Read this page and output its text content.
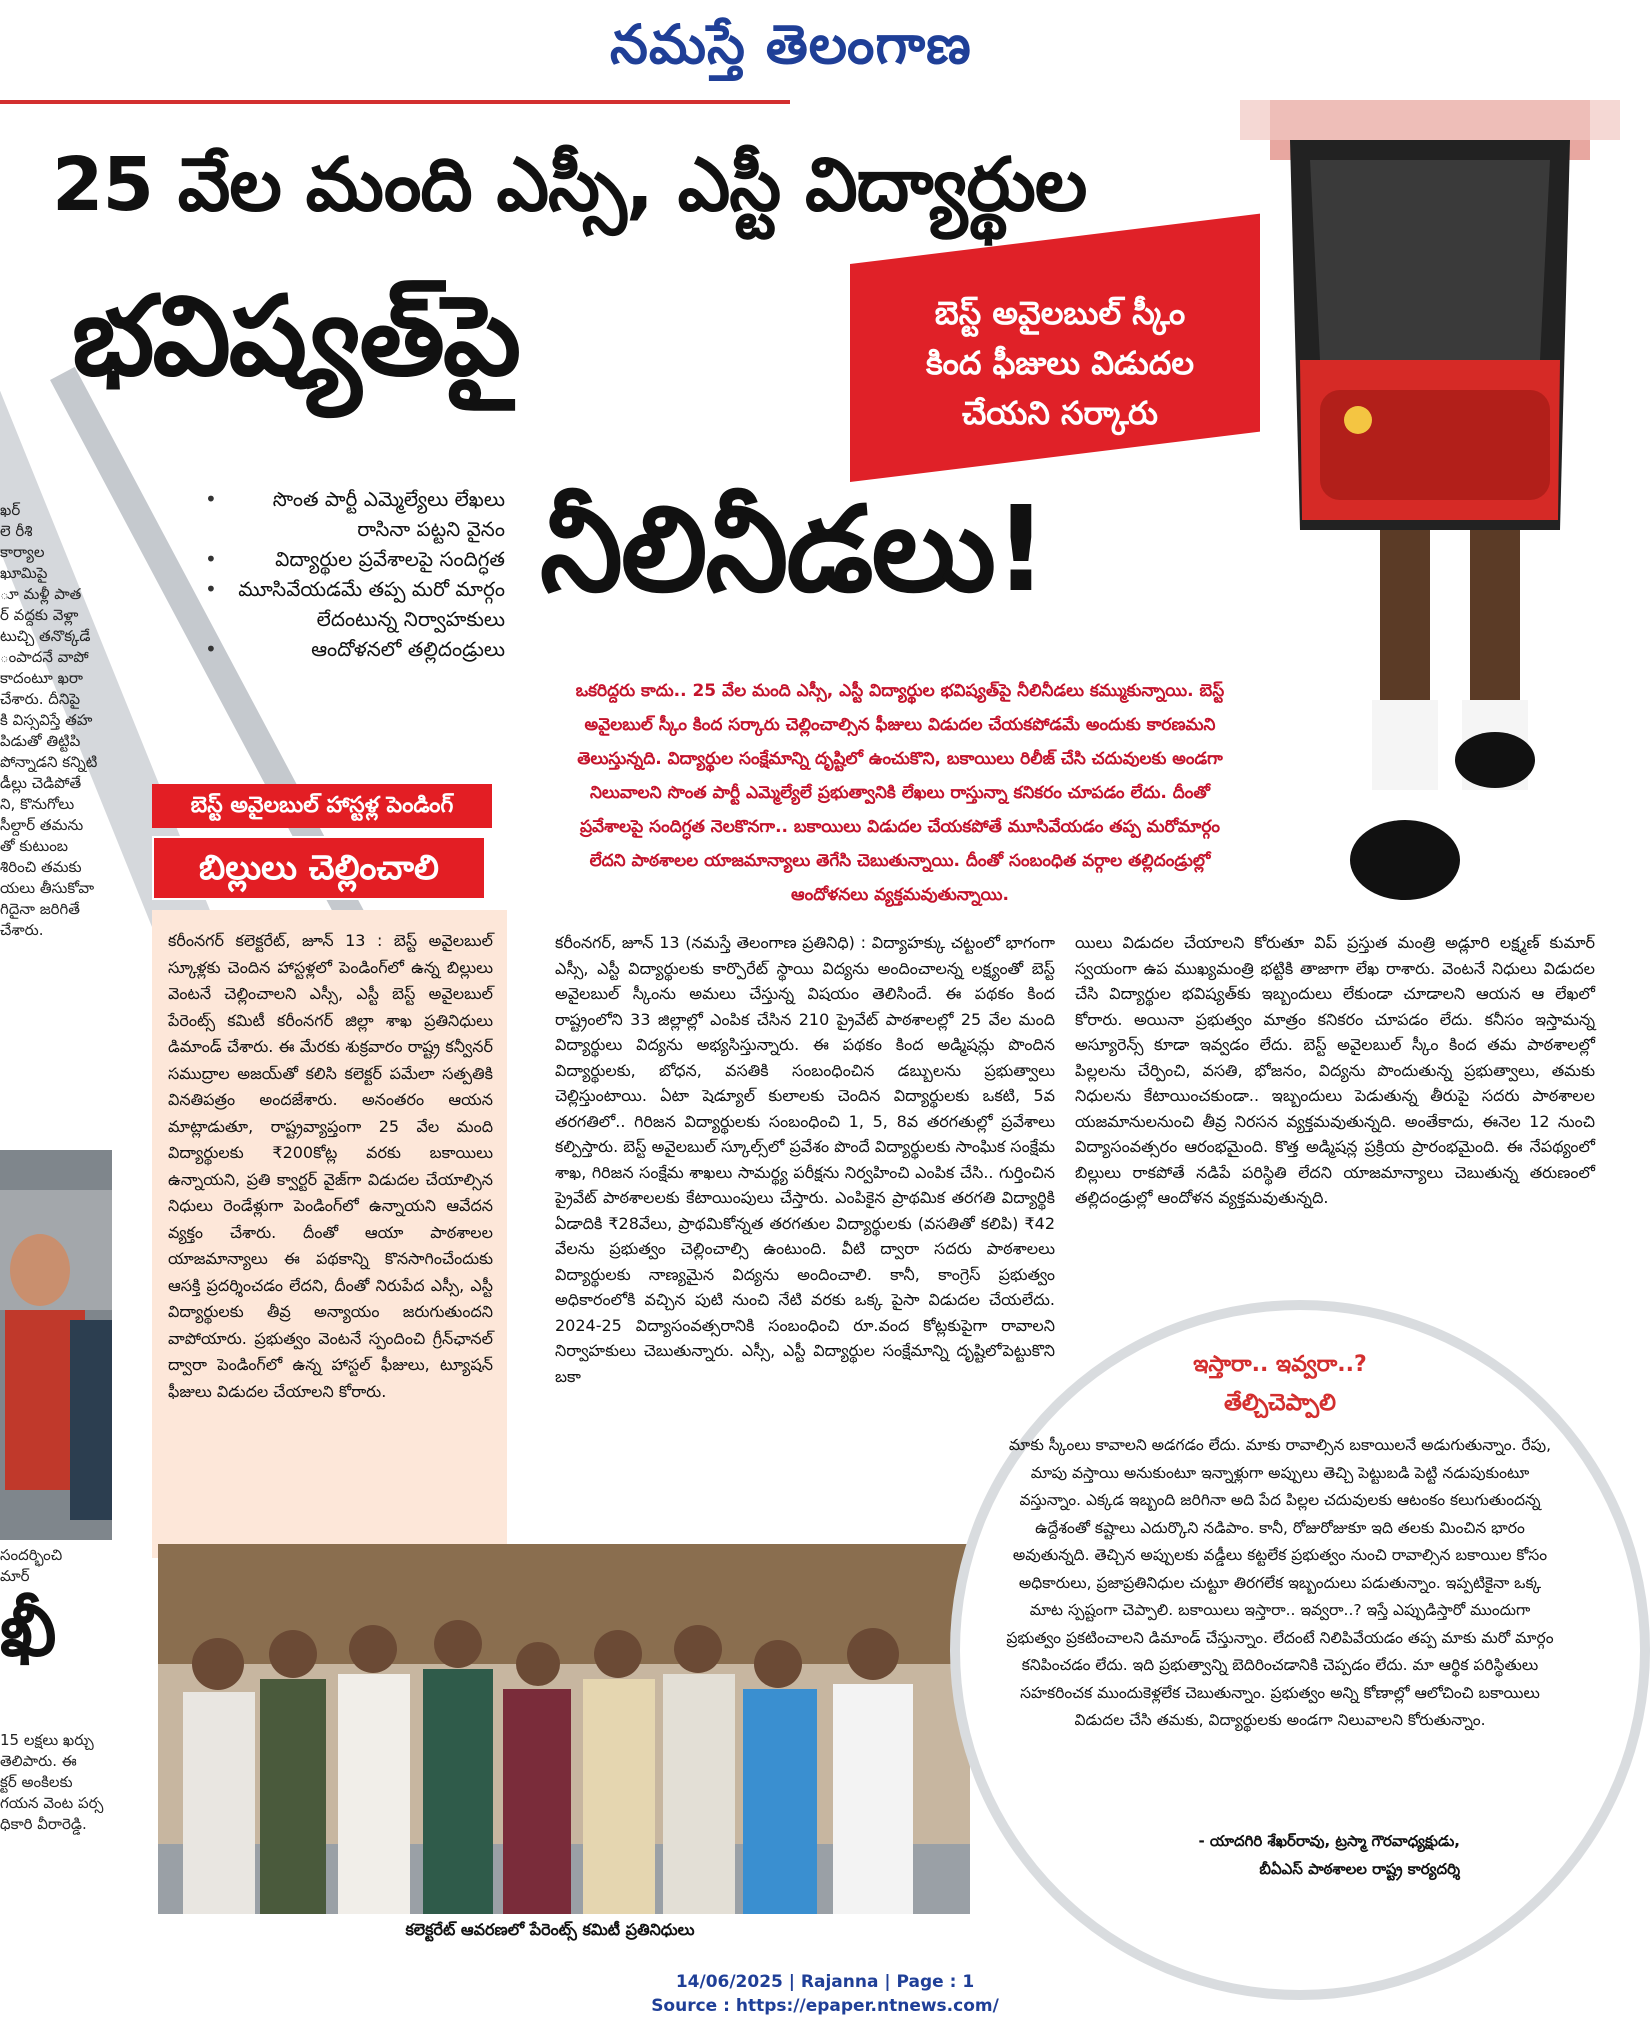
నమస్తే తెలంగాణ
ఖర్
లె రీశి
కార్యాల
ఖూమిపై
ూ మళ్లీ పాత
ర్ వద్దకు వెళ్లా
టుచ్చి తనొక్కడే
ంపాదనే వాపో
కాదంటూ ఖరా
చేశారు. దీనిపై
కి విస్సవిస్తే తహ
పిడుతో తిట్టిపి
పోన్నాడని కన్నిటి
డీల్లు చెడిపోతే
ని, కొనుగోలు
సీల్దార్ తమను
తో కుటుంబ
శిరించి తమకు
యలు తీసుకోవా
గిదైనా జరిగితే
చేశారు.
సందర్భించి
మార్
ఖీ
15 లక్షలు ఖర్చు
తెలిపారు. ఈ
క్టర్ అంకిలకు
గయన వెంట పర్స
ధికారి వీరారెడ్డి.
25 వేల మంది ఎస్సీ, ఎస్టీ విద్యార్థుల
భవిష్యత్‌పై
నీలినీడలు!
• సొంత పార్టీ ఎమ్మెల్యేలు లేఖలు రాసినా పట్టని వైనం
• విద్యార్థుల ప్రవేశాలపై సందిగ్ధత
• మూసివేయడమే తప్ప మరో మార్గం లేదంటున్న నిర్వాహకులు
• ఆందోళనలో తల్లిదండ్రులు
బెస్ట్ అవైలబుల్ స్కీం
కింద ఫీజులు విడుదల
చేయని సర్కారు
ఒకరిద్దరు కాదు.. 25 వేల మంది ఎస్సీ, ఎస్టీ విద్యార్థుల భవిష్యత్‌పై నీలినీడలు కమ్ముకున్నాయి. బెస్ట్ అవైలబుల్ స్కీం కింద సర్కారు చెల్లించాల్సిన ఫీజులు విడుదల చేయకపోడమే అందుకు కారణమని తెలుస్తున్నది. విద్యార్థుల సంక్షేమాన్ని దృష్టిలో ఉంచుకొని, బకాయిలు రిలీజ్ చేసి చదువులకు అండగా నిలువాలని సొంత పార్టీ ఎమ్మెల్యేలే ప్రభుత్వానికి లేఖలు రాస్తున్నా కనికరం చూపడం లేదు. దీంతో ప్రవేశాలపై సందిగ్ధత నెలకొనగా.. బకాయిలు విడుదల చేయకపోతే మూసివేయడం తప్ప మరోమార్గం లేదని పాఠశాలల యాజమాన్యాలు తెగేసి చెబుతున్నాయి. దీంతో సంబంధిత వర్గాల తల్లిదండ్రుల్లో ఆందోళనలు వ్యక్తమవుతున్నాయి.
బెస్ట్ అవైలబుల్ హాస్టళ్ల పెండింగ్
బిల్లులు చెల్లించాలి
కరీంనగర్ కలెక్టరేట్, జూన్ 13 : బెస్ట్ అవైలబుల్ స్కూళ్లకు చెందిన హాస్టళ్లలో పెండింగ్‌లో ఉన్న బిల్లులు వెంటనే చెల్లించాలని ఎస్సీ, ఎస్టీ బెస్ట్ అవైలబుల్ పేరెంట్స్ కమిటీ కరీంనగర్ జిల్లా శాఖ ప్రతినిధులు డిమాండ్ చేశారు. ఈ మేరకు శుక్రవారం రాష్ట్ర కన్వీనర్ సముద్రాల అజయ్‌తో కలిసి కలెక్టర్ పమేలా సత్పతికి వినతిపత్రం అందజేశారు. అనంతరం ఆయన మాట్లాడుతూ, రాష్ట్రవ్యాప్తంగా 25 వేల మంది విద్యార్థులకు ₹200కోట్ల వరకు బకాయిలు ఉన్నాయని, ప్రతి క్వార్టర్ వైజ్‌గా విడుదల చేయాల్సిన నిధులు రెండేళ్లుగా పెండింగ్‌లో ఉన్నాయని ఆవేదన వ్యక్తం చేశారు. దీంతో ఆయా పాఠశాలల యాజమాన్యాలు ఈ పథకాన్ని కొనసాగించేందుకు ఆసక్తి ప్రదర్శించడం లేదని, దీంతో నిరుపేద ఎస్సీ, ఎస్టీ విద్యార్థులకు తీవ్ర అన్యాయం జరుగుతుందని వాపోయారు. ప్రభుత్వం వెంటనే స్పందించి గ్రీన్‌ఛానల్ ద్వారా పెండింగ్‌లో ఉన్న హాస్టల్ ఫీజులు, ట్యూషన్ ఫీజులు విడుదల చేయాలని కోరారు.
కరీంనగర్, జూన్ 13 (నమస్తే తెలంగాణ ప్రతినిధి) : విద్యాహక్కు చట్టంలో భాగంగా ఎస్సీ, ఎస్టీ విద్యార్థులకు కార్పొరేట్ స్థాయి విద్యను అందించాలన్న లక్ష్యంతో బెస్ట్ అవైలబుల్ స్కీంను అమలు చేస్తున్న విషయం తెలిసిందే. ఈ పథకం కింద రాష్ట్రంలోని 33 జిల్లాల్లో ఎంపిక చేసిన 210 ప్రైవేట్ పాఠశాలల్లో 25 వేల మంది విద్యార్థులు విద్యను అభ్యసిస్తున్నారు. ఈ పథకం కింద అడ్మిషన్లు పొందిన విద్యార్థులకు, బోధన, వసతికి సంబంధించిన డబ్బులను ప్రభుత్వాలు చెల్లిస్తుంటాయి. ఏటా షెడ్యూల్ కులాలకు చెందిన విద్యార్థులకు ఒకటి, 5వ తరగతిలో.. గిరిజన విద్యార్థులకు సంబంధించి 1, 5, 8వ తరగతుల్లో ప్రవేశాలు కల్పిస్తారు. బెస్ట్ అవైలబుల్ స్కూల్స్‌లో ప్రవేశం పొందే విద్యార్థులకు సాంఘిక సంక్షేమ శాఖ, గిరిజన సంక్షేమ శాఖలు సామర్థ్య పరీక్షను నిర్వహించి ఎంపిక చేసి.. గుర్తించిన ప్రైవేట్ పాఠశాలలకు కేటాయింపులు చేస్తారు. ఎంపికైన ప్రాథమిక తరగతి విద్యార్థికి ఏడాదికి ₹28వేలు, ప్రాథమికోన్నత తరగతుల విద్యార్థులకు (వసతితో కలిపి) ₹42 వేలను ప్రభుత్వం చెల్లించాల్సి ఉంటుంది. వీటి ద్వారా సదరు పాఠశాలలు విద్యార్థులకు నాణ్యమైన విద్యను అందించాలి. కానీ, కాంగ్రెస్ ప్రభుత్వం అధికారంలోకి వచ్చిన పుటి నుంచి నేటి వరకు ఒక్క పైసా విడుదల చేయలేదు. 2024-25 విద్యాసంవత్సరానికి సంబంధించి రూ.వంద కోట్లకుపైగా రావాలని నిర్వాహకులు చెబుతున్నారు. ఎస్సీ, ఎస్టీ విద్యార్థుల సంక్షేమాన్ని దృష్టిలోపెట్టుకొని బకా
యిలు విడుదల చేయాలని కోరుతూ విప్ ప్రస్తుత మంత్రి అడ్లూరి లక్ష్మణ్ కుమార్ స్వయంగా ఉప ముఖ్యమంత్రి భట్టికి తాజాగా లేఖ రాశారు. వెంటనే నిధులు విడుదల చేసి విద్యార్థుల భవిష్యత్‌కు ఇబ్బందులు లేకుండా చూడాలని ఆయన ఆ లేఖలో కోరారు. అయినా ప్రభుత్వం మాత్రం కనికరం చూపడం లేదు. కనీసం ఇస్తామన్న అస్యూరెన్స్ కూడా ఇవ్వడం లేదు. బెస్ట్ అవైలబుల్ స్కీం కింద తమ పాఠశాలల్లో పిల్లలను చేర్పించి, వసతి, భోజనం, విద్యను పొందుతున్న ప్రభుత్వాలు, తమకు నిధులను కేటాయించకుండా.. ఇబ్బందులు పెడుతున్న తీరుపై సదరు పాఠశాలల యజమానులనుంచి తీవ్ర నిరసన వ్యక్తమవుతున్నది. అంతేకాదు, ఈనెల 12 నుంచి విద్యాసంవత్సరం ఆరంభమైంది. కొత్త అడ్మిషన్ల ప్రక్రియ ప్రారంభమైంది. ఈ నేపథ్యంలో బిల్లులు రాకపోతే నడిపే పరిస్థితి లేదని యాజమాన్యాలు చెబుతున్న తరుణంలో తల్లిదండ్రుల్లో ఆందోళన వ్యక్తమవుతున్నది.
కలెక్టరేట్ ఆవరణలో పేరెంట్స్ కమిటీ ప్రతినిధులు
ఇస్తారా.. ఇవ్వరా..?
తేల్చిచెప్పాలి
మాకు స్కీంలు కావాలని అడగడం లేదు. మాకు రావాల్సిన బకాయిలనే అడుగుతున్నాం. రేపు, మాపు వస్తాయి అనుకుంటూ ఇన్నాళ్లుగా అప్పులు తెచ్చి పెట్టుబడి పెట్టి నడుపుకుంటూ వస్తున్నాం. ఎక్కడ ఇబ్బంది జరిగినా అది పేద పిల్లల చదువులకు ఆటంకం కలుగుతుందన్న ఉద్దేశంతో కష్టాలు ఎదుర్కొని నడిపాం. కానీ, రోజురోజుకూ ఇది తలకు మించిన భారం అవుతున్నది. తెచ్చిన అప్పులకు వడ్డీలు కట్టలేక ప్రభుత్వం నుంచి రావాల్సిన బకాయిల కోసం అధికారులు, ప్రజాప్రతినిధుల చుట్టూ తిరగలేక ఇబ్బందులు పడుతున్నాం. ఇప్పటికైనా ఒక్క మాట స్పష్టంగా చెప్పాలి. బకాయిలు ఇస్తారా.. ఇవ్వరా..? ఇస్తే ఎప్పుడిస్తారో ముందుగా ప్రభుత్వం ప్రకటించాలని డిమాండ్ చేస్తున్నాం. లేదంటే నిలిపివేయడం తప్ప మాకు మరో మార్గం కనిపించడం లేదు. ఇది ప్రభుత్వాన్ని బెదిరించడానికి చెప్పడం లేదు. మా ఆర్థిక పరిస్థితులు సహకరించక ముందుకెళ్లలేక చెబుతున్నాం. ప్రభుత్వం అన్ని కోణాల్లో ఆలోచించి బకాయిలు విడుదల చేసి తమకు, విద్యార్థులకు అండగా నిలువాలని కోరుతున్నాం.
- యాదగిరి శేఖర్‌రావు, ట్రస్మా గౌరవాధ్యక్షుడు,
బీఏఎస్ పాఠశాలల రాష్ట్ర కార్యదర్శి
14/06/2025 | Rajanna | Page : 1
Source : https://epaper.ntnews.com/
